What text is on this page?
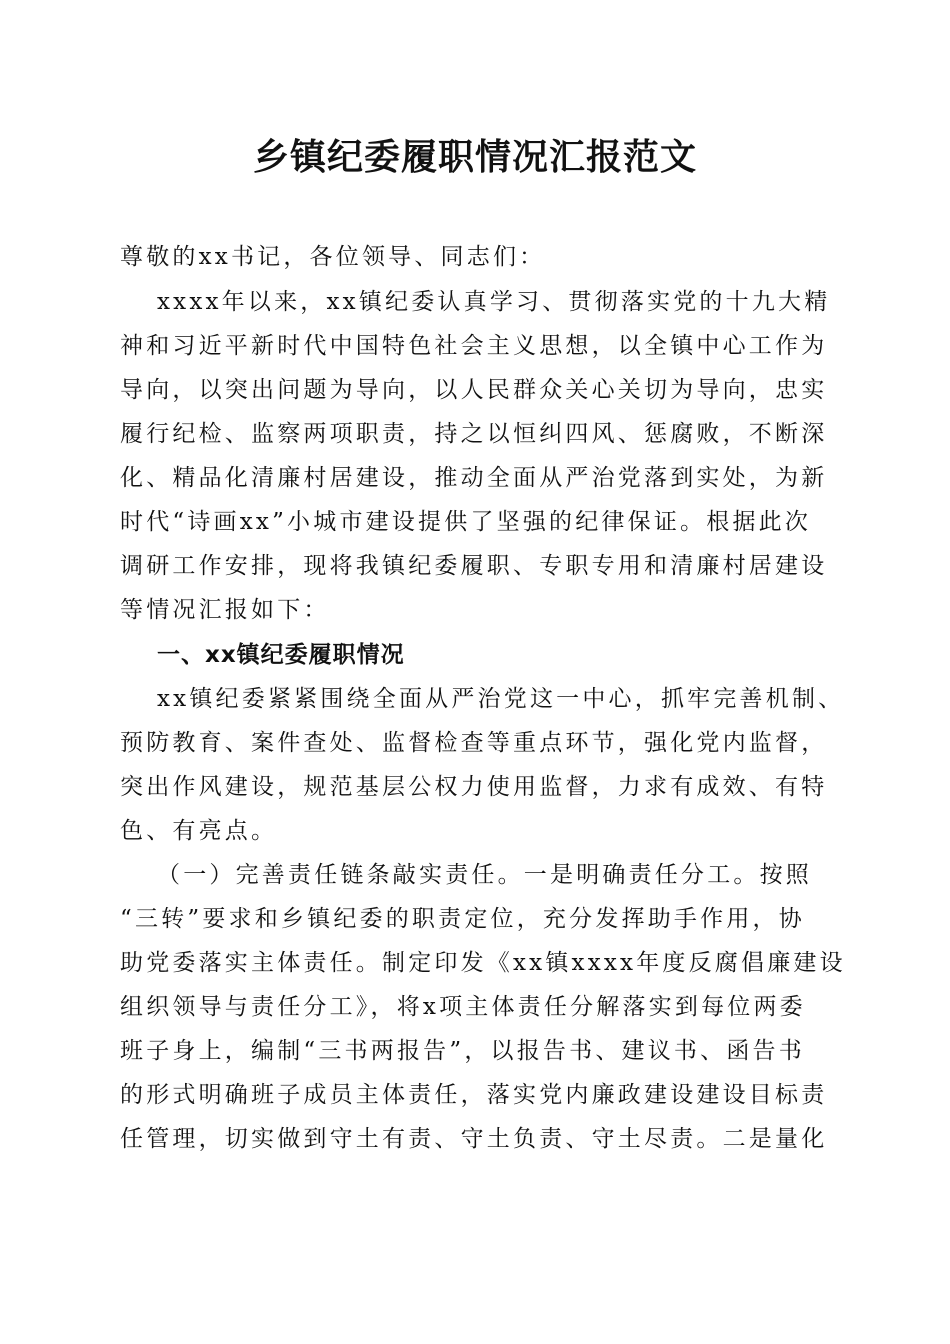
乡镇纪委履职情况汇报范文

尊敬的xx书记，各位领导、同志们：

xxxx年以来，xx镇纪委认真学习、贯彻落实党的十九大精

神和习近平新时代中国特色社会主义思想，以全镇中心工作为

导向，以突出问题为导向，以人民群众关心关切为导向，忠实

履行纪检、监察两项职责，持之以恒纠四风、惩腐败，不断深

化、精品化清廉村居建设，推动全面从严治党落到实处，为新

时代“诗画xx”小城市建设提供了坚强的纪律保证。根据此次

调研工作安排，现将我镇纪委履职、专职专用和清廉村居建设

等情况汇报如下：

一、xx镇纪委履职情况

xx镇纪委紧紧围绕全面从严治党这一中心，抓牢完善机制、

预防教育、案件查处、监督检查等重点环节，强化党内监督，

突出作风建设，规范基层公权力使用监督，力求有成效、有特

色、有亮点。

（一）完善责任链条敲实责任。一是明确责任分工。按照

“三转”要求和乡镇纪委的职责定位，充分发挥助手作用，协

助党委落实主体责任。制定印发《xx镇xxxx年度反腐倡廉建设

组织领导与责任分工》，将x项主体责任分解落实到每位两委

班子身上，编制“三书两报告”，以报告书、建议书、函告书

的形式明确班子成员主体责任，落实党内廉政建设建设目标责

任管理，切实做到守土有责、守土负责、守土尽责。二是量化
